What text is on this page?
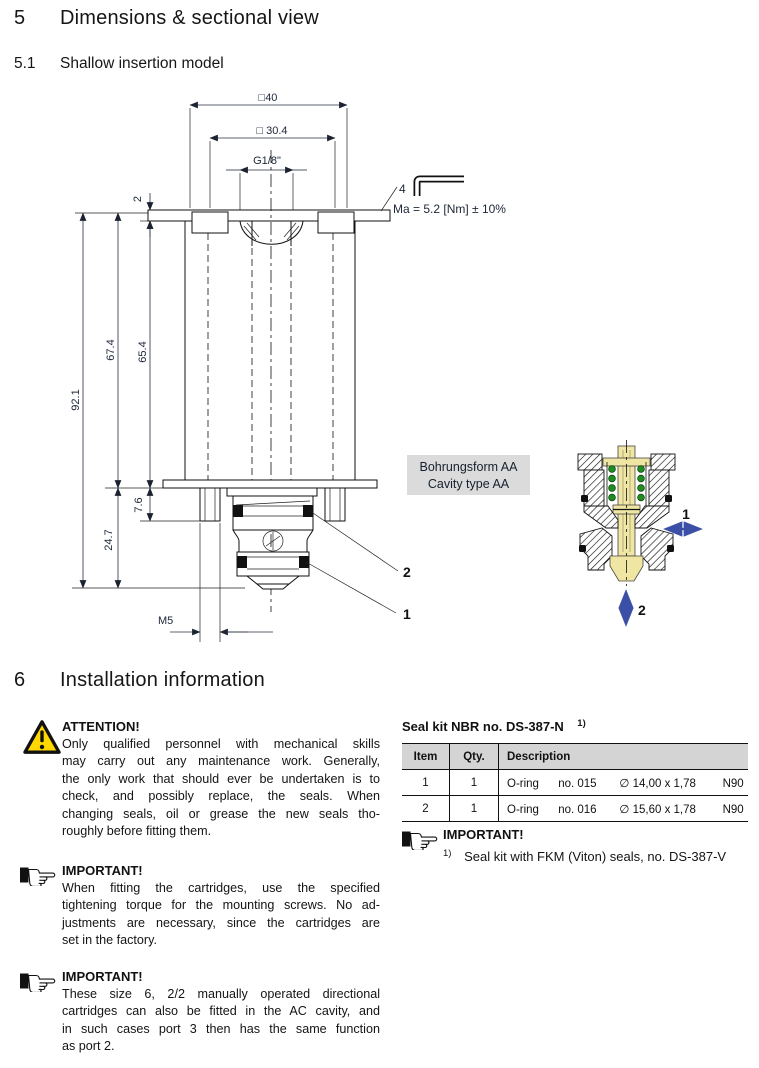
5 Dimensions & sectional view
5.1 Shallow insertion model
□40
□ 30.4
G1/8"
92.1
67.4 65.4
2
7.6
24.7
M5
2
1
4
Ma = 5.2 [Nm] ± 10%
1
2
Bohrungsform AA
Cavity type AA
6 Installation information
ATTENTION!
Only qualified personnel with mechanical skills
may carry out any maintenance work. Generally,
the only work that should ever be undertaken is to
check, and possibly replace, the seals. When
changing seals, oil or grease the new seals tho-
roughly before fitting them.
IMPORTANT!
When fitting the cartridges, use the specified
tightening torque for the mounting screws. No ad-
justments are necessary, since the cartridges are
set in the factory.
IMPORTANT!
These size 6, 2/2 manually operated directional
cartridges can also be fitted in the AC cavity, and
in such cases port 3 then has the same function
as port 2.
Seal kit NBR no. DS-387-N $^{1)}$
Item	Qty.	Description
1	1	O-ring no. 015 ∅ 14,00 x 1,78 N90
2	1	O-ring no. 016 ∅ 15,60 x 1,78 N90
IMPORTANT!
$^{1)}$ Seal kit with FKM (Viton) seals, no. DS-387-V
